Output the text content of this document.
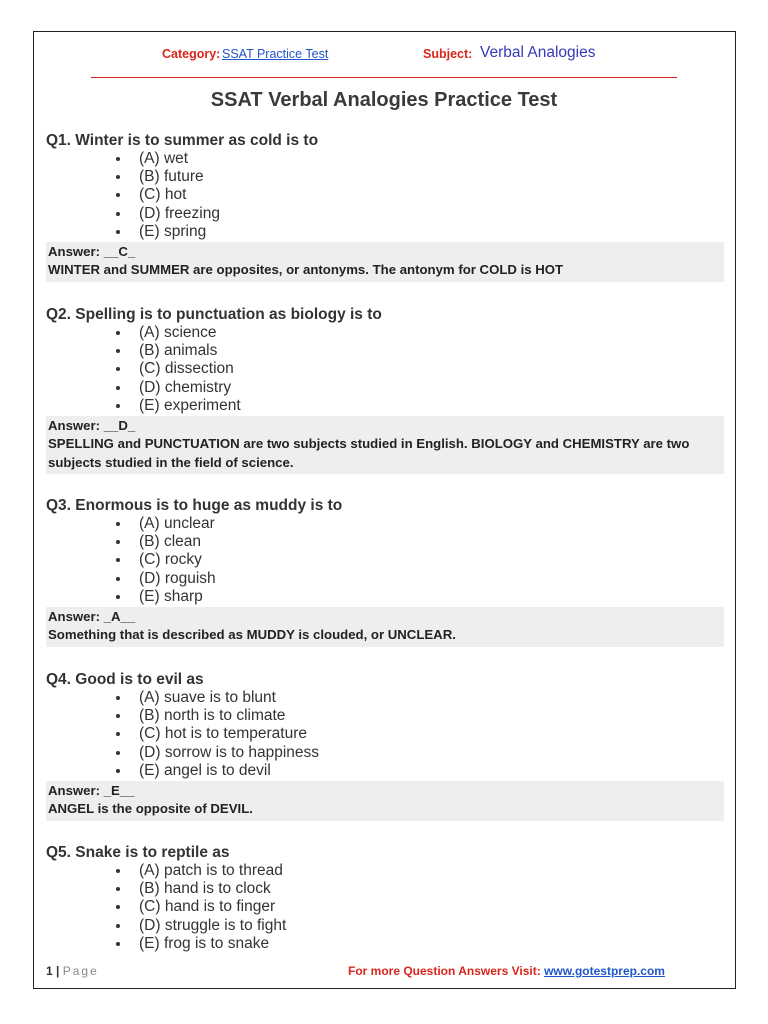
Category: SSAT Practice Test	Subject: Verbal Analogies
SSAT Verbal Analogies Practice Test
Q1. Winter is to summer as cold is to
(A) wet
(B) future
(C) hot
(D) freezing
(E) spring
Answer: __C_
WINTER and SUMMER are opposites, or antonyms. The antonym for COLD is HOT
Q2. Spelling is to punctuation as biology is to
(A) science
(B) animals
(C) dissection
(D) chemistry
(E) experiment
Answer: __D_
SPELLING and PUNCTUATION are two subjects studied in English. BIOLOGY and CHEMISTRY are two subjects studied in the field of science.
Q3. Enormous is to huge as muddy is to
(A) unclear
(B) clean
(C) rocky
(D) roguish
(E) sharp
Answer: _A__
Something that is described as MUDDY is clouded, or UNCLEAR.
Q4. Good is to evil as
(A) suave is to blunt
(B) north is to climate
(C) hot is to temperature
(D) sorrow is to happiness
(E) angel is to devil
Answer: _E__
ANGEL is the opposite of DEVIL.
Q5. Snake is to reptile as
(A) patch is to thread
(B) hand is to clock
(C) hand is to finger
(D) struggle is to fight
(E) frog is to snake
1 | Page	For more Question Answers Visit: www.gotestprep.com
